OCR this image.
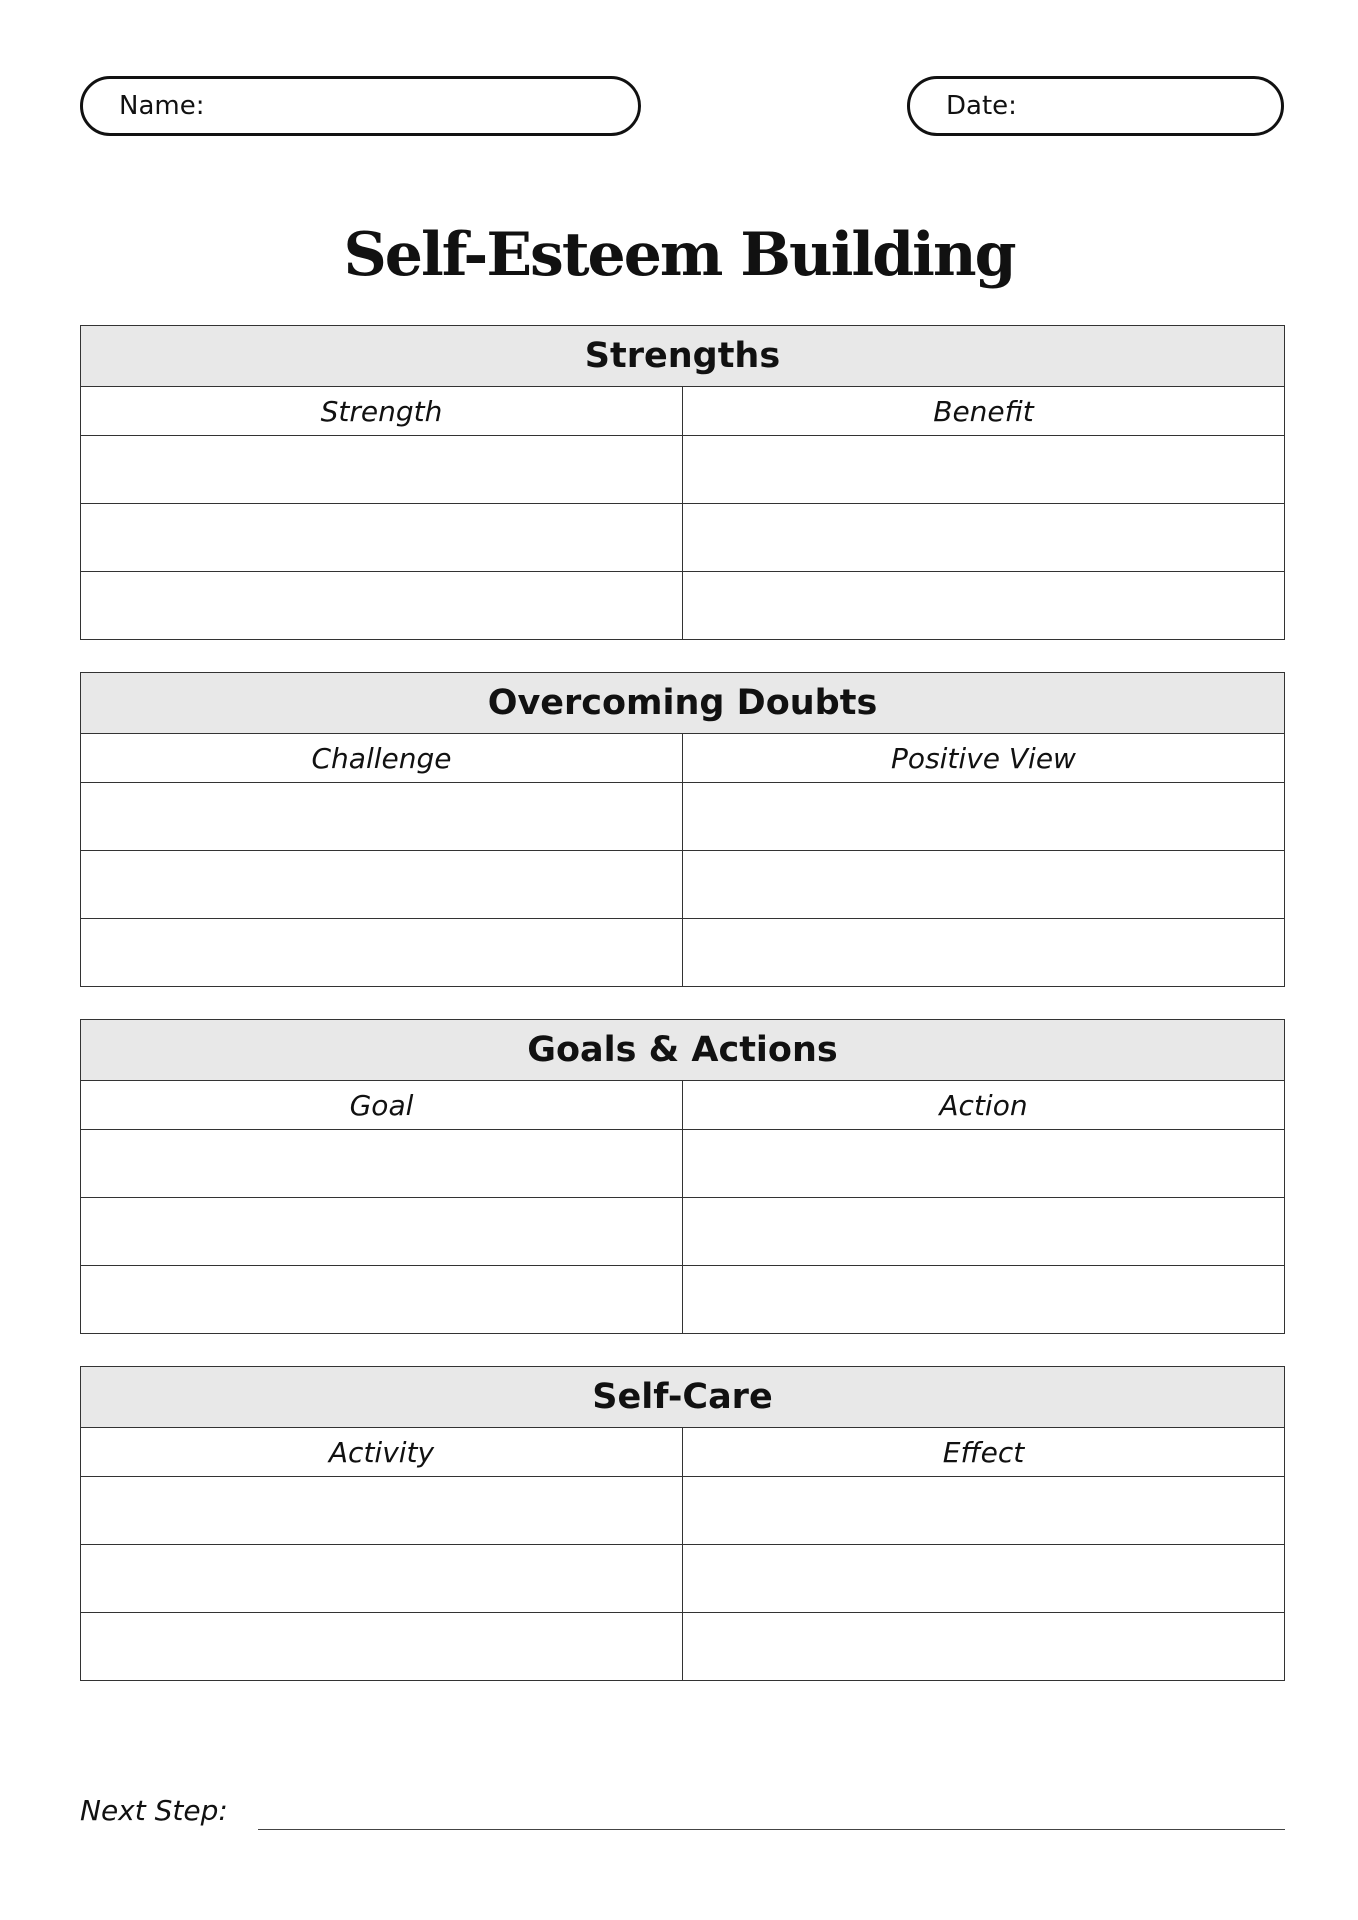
Name:	Date:
Self-Esteem Building
Strengths	
Strength	Benefit

Overcoming Doubts	
Challenge	Positive View

Goals & Actions	
Goal	Action

Self-Care	
Activity	Effect

Next Step:
